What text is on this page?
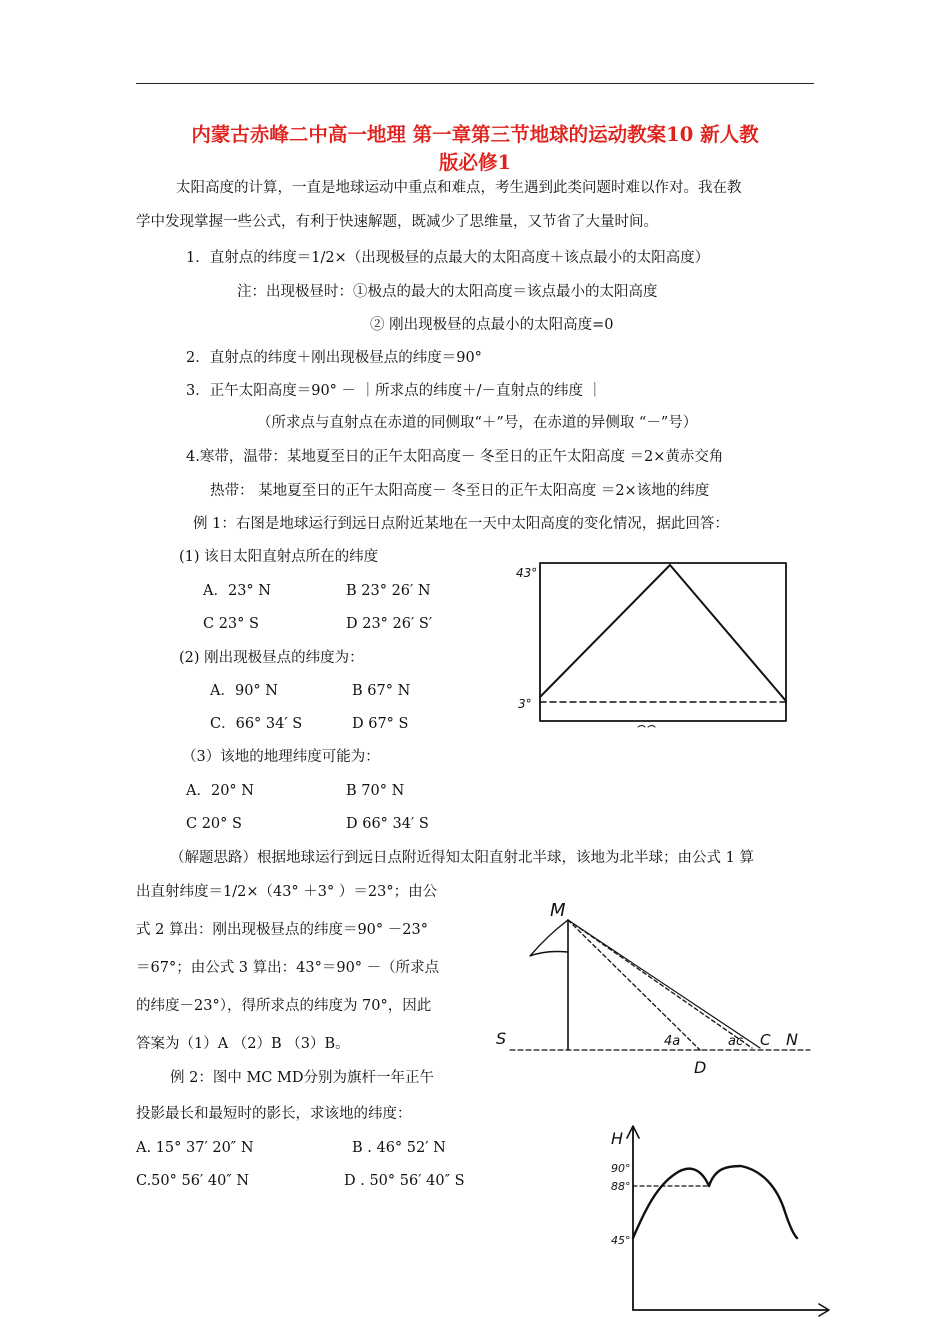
内蒙古赤峰二中高一地理 第一章第三节地球的运动教案10 新人教
版必修1
太阳高度的计算，一直是地球运动中重点和难点，考生遇到此类问题时难以作对。我在教
学中发现掌握一些公式，有利于快速解题，既减少了思维量，又节省了大量时间。
1．直射点的纬度＝1/2×（出现极昼的点最大的太阳高度＋该点最小的太阳高度）
注：出现极昼时：①极点的最大的太阳高度＝该点最小的太阳高度
② 刚出现极昼的点最小的太阳高度=0
2．直射点的纬度＋刚出现极昼点的纬度＝90°
3．正午太阳高度＝90° － ｜所求点的纬度＋/－直射点的纬度 ｜
（所求点与直射点在赤道的同侧取“＋”号，在赤道的异侧取 “－”号）
4.寒带，温带：某地夏至日的正午太阳高度－ 冬至日的正午太阳高度 ＝2×黄赤交角
热带： 某地夏至日的正午太阳高度－ 冬至日的正午太阳高度 ＝2×该地的纬度
例 1：右图是地球运行到远日点附近某地在一天中太阳高度的变化情况，据此回答：
(1) 该日太阳直射点所在的纬度
A．23° N	B 23° 26′ N
C 23° S	D 23° 26′ S′
(2) 刚出现极昼点的纬度为：
A．90° N	B 67° N
C．66° 34′ S	D 67° S
（3）该地的地理纬度可能为：
A．20° N	B 70° N
C 20° S	D 66° 34′ S
（解题思路）根据地球运行到远日点附近得知太阳直射北半球，该地为北半球；由公式 1 算
出直射纬度＝1/2×（43° ＋3° ）＝23°；由公
式 2 算出：刚出现极昼点的纬度＝90° －23°
＝67°；由公式 3 算出：43°＝90° －（所求点
的纬度－23°），得所求点的纬度为 70°，因此
答案为（1）A （2）B （3）B。
例 2：图中 MC MD分别为旗杆一年正午
投影最长和最短时的影长，求该地的纬度：
A. 15° 37′ 20″ N	B . 46° 52′ N
C.50° 56′ 40″ N	D . 50° 56′ 40″ S
43°
3°
M
S	4a	ac C N
D
H
90°
88°
45°
